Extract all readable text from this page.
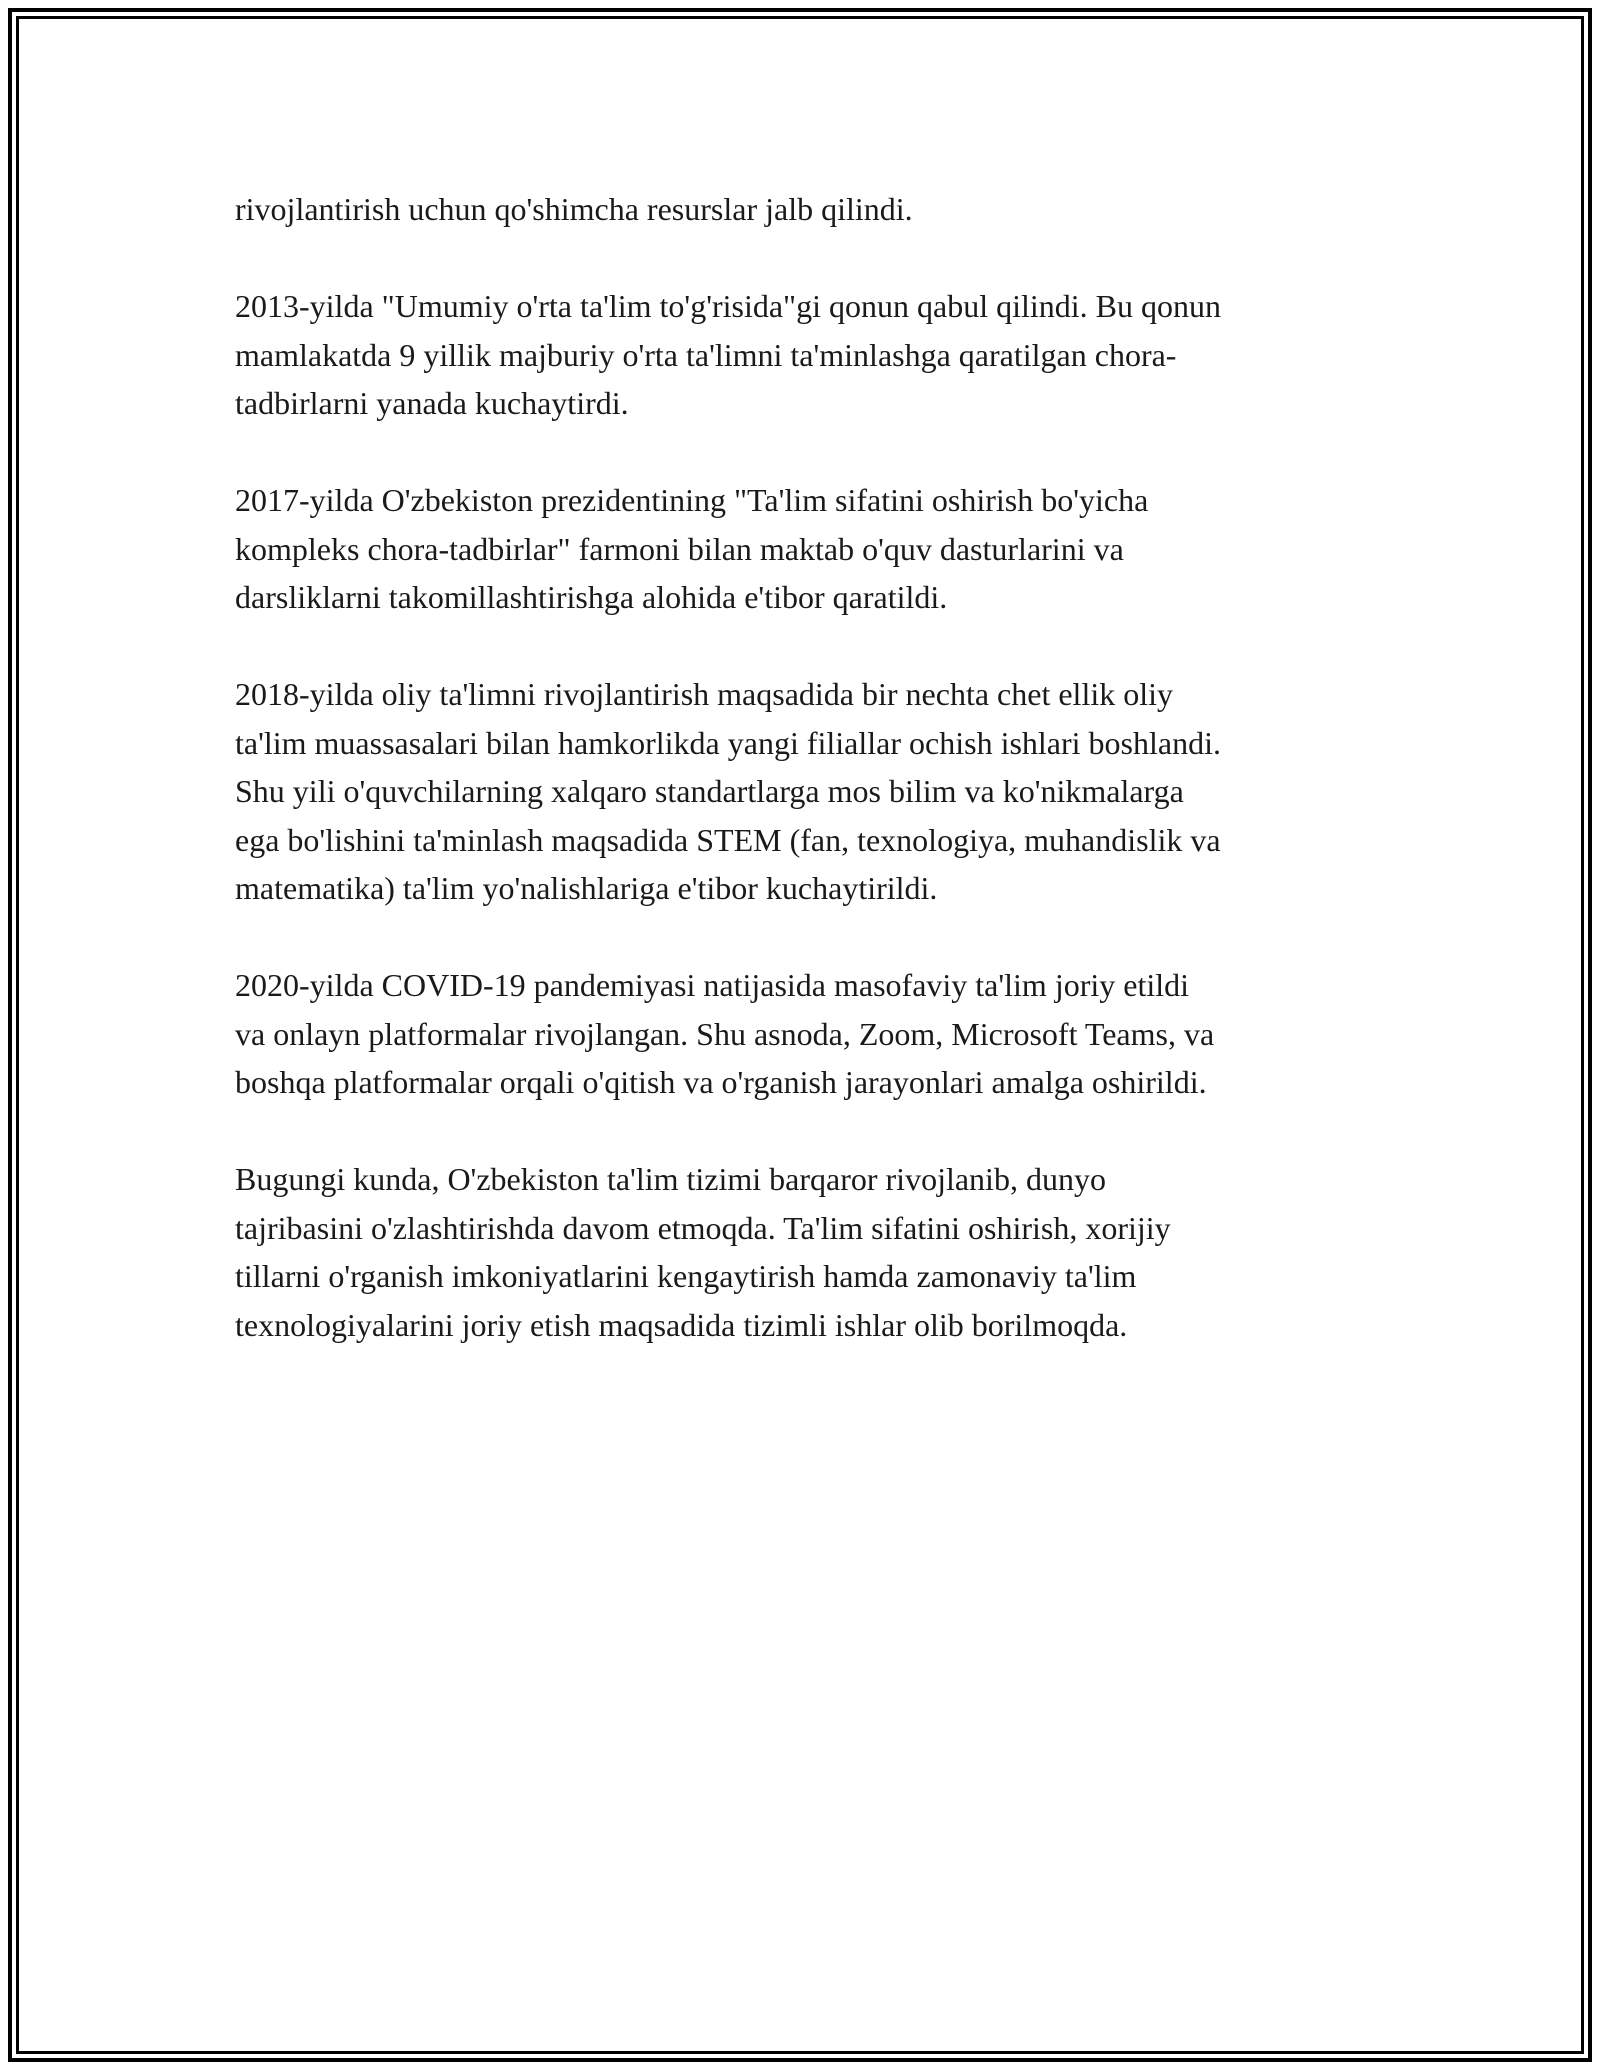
rivojlantirish uchun qo'shimcha resurslar jalb qilindi.

2013-yilda "Umumiy o'rta ta'lim to'g'risida"gi qonun qabul qilindi. Bu qonun
mamlakatda 9 yillik majburiy o'rta ta'limni ta'minlashga qaratilgan chora-
tadbirlarni yanada kuchaytirdi.

2017-yilda O'zbekiston prezidentining "Ta'lim sifatini oshirish bo'yicha
kompleks chora-tadbirlar" farmoni bilan maktab o'quv dasturlarini va
darsliklarni takomillashtirishga alohida e'tibor qaratildi.

2018-yilda oliy ta'limni rivojlantirish maqsadida bir nechta chet ellik oliy
ta'lim muassasalari bilan hamkorlikda yangi filiallar ochish ishlari boshlandi.
Shu yili o'quvchilarning xalqaro standartlarga mos bilim va ko'nikmalarga
ega bo'lishini ta'minlash maqsadida STEM (fan, texnologiya, muhandislik va
matematika) ta'lim yo'nalishlariga e'tibor kuchaytirildi.

2020-yilda COVID-19 pandemiyasi natijasida masofaviy ta'lim joriy etildi
va onlayn platformalar rivojlangan. Shu asnoda, Zoom, Microsoft Teams, va
boshqa platformalar orqali o'qitish va o'rganish jarayonlari amalga oshirildi.

Bugungi kunda, O'zbekiston ta'lim tizimi barqaror rivojlanib, dunyo
tajribasini o'zlashtirishda davom etmoqda. Ta'lim sifatini oshirish, xorijiy
tillarni o'rganish imkoniyatlarini kengaytirish hamda zamonaviy ta'lim
texnologiyalarini joriy etish maqsadida tizimli ishlar olib borilmoqda.
